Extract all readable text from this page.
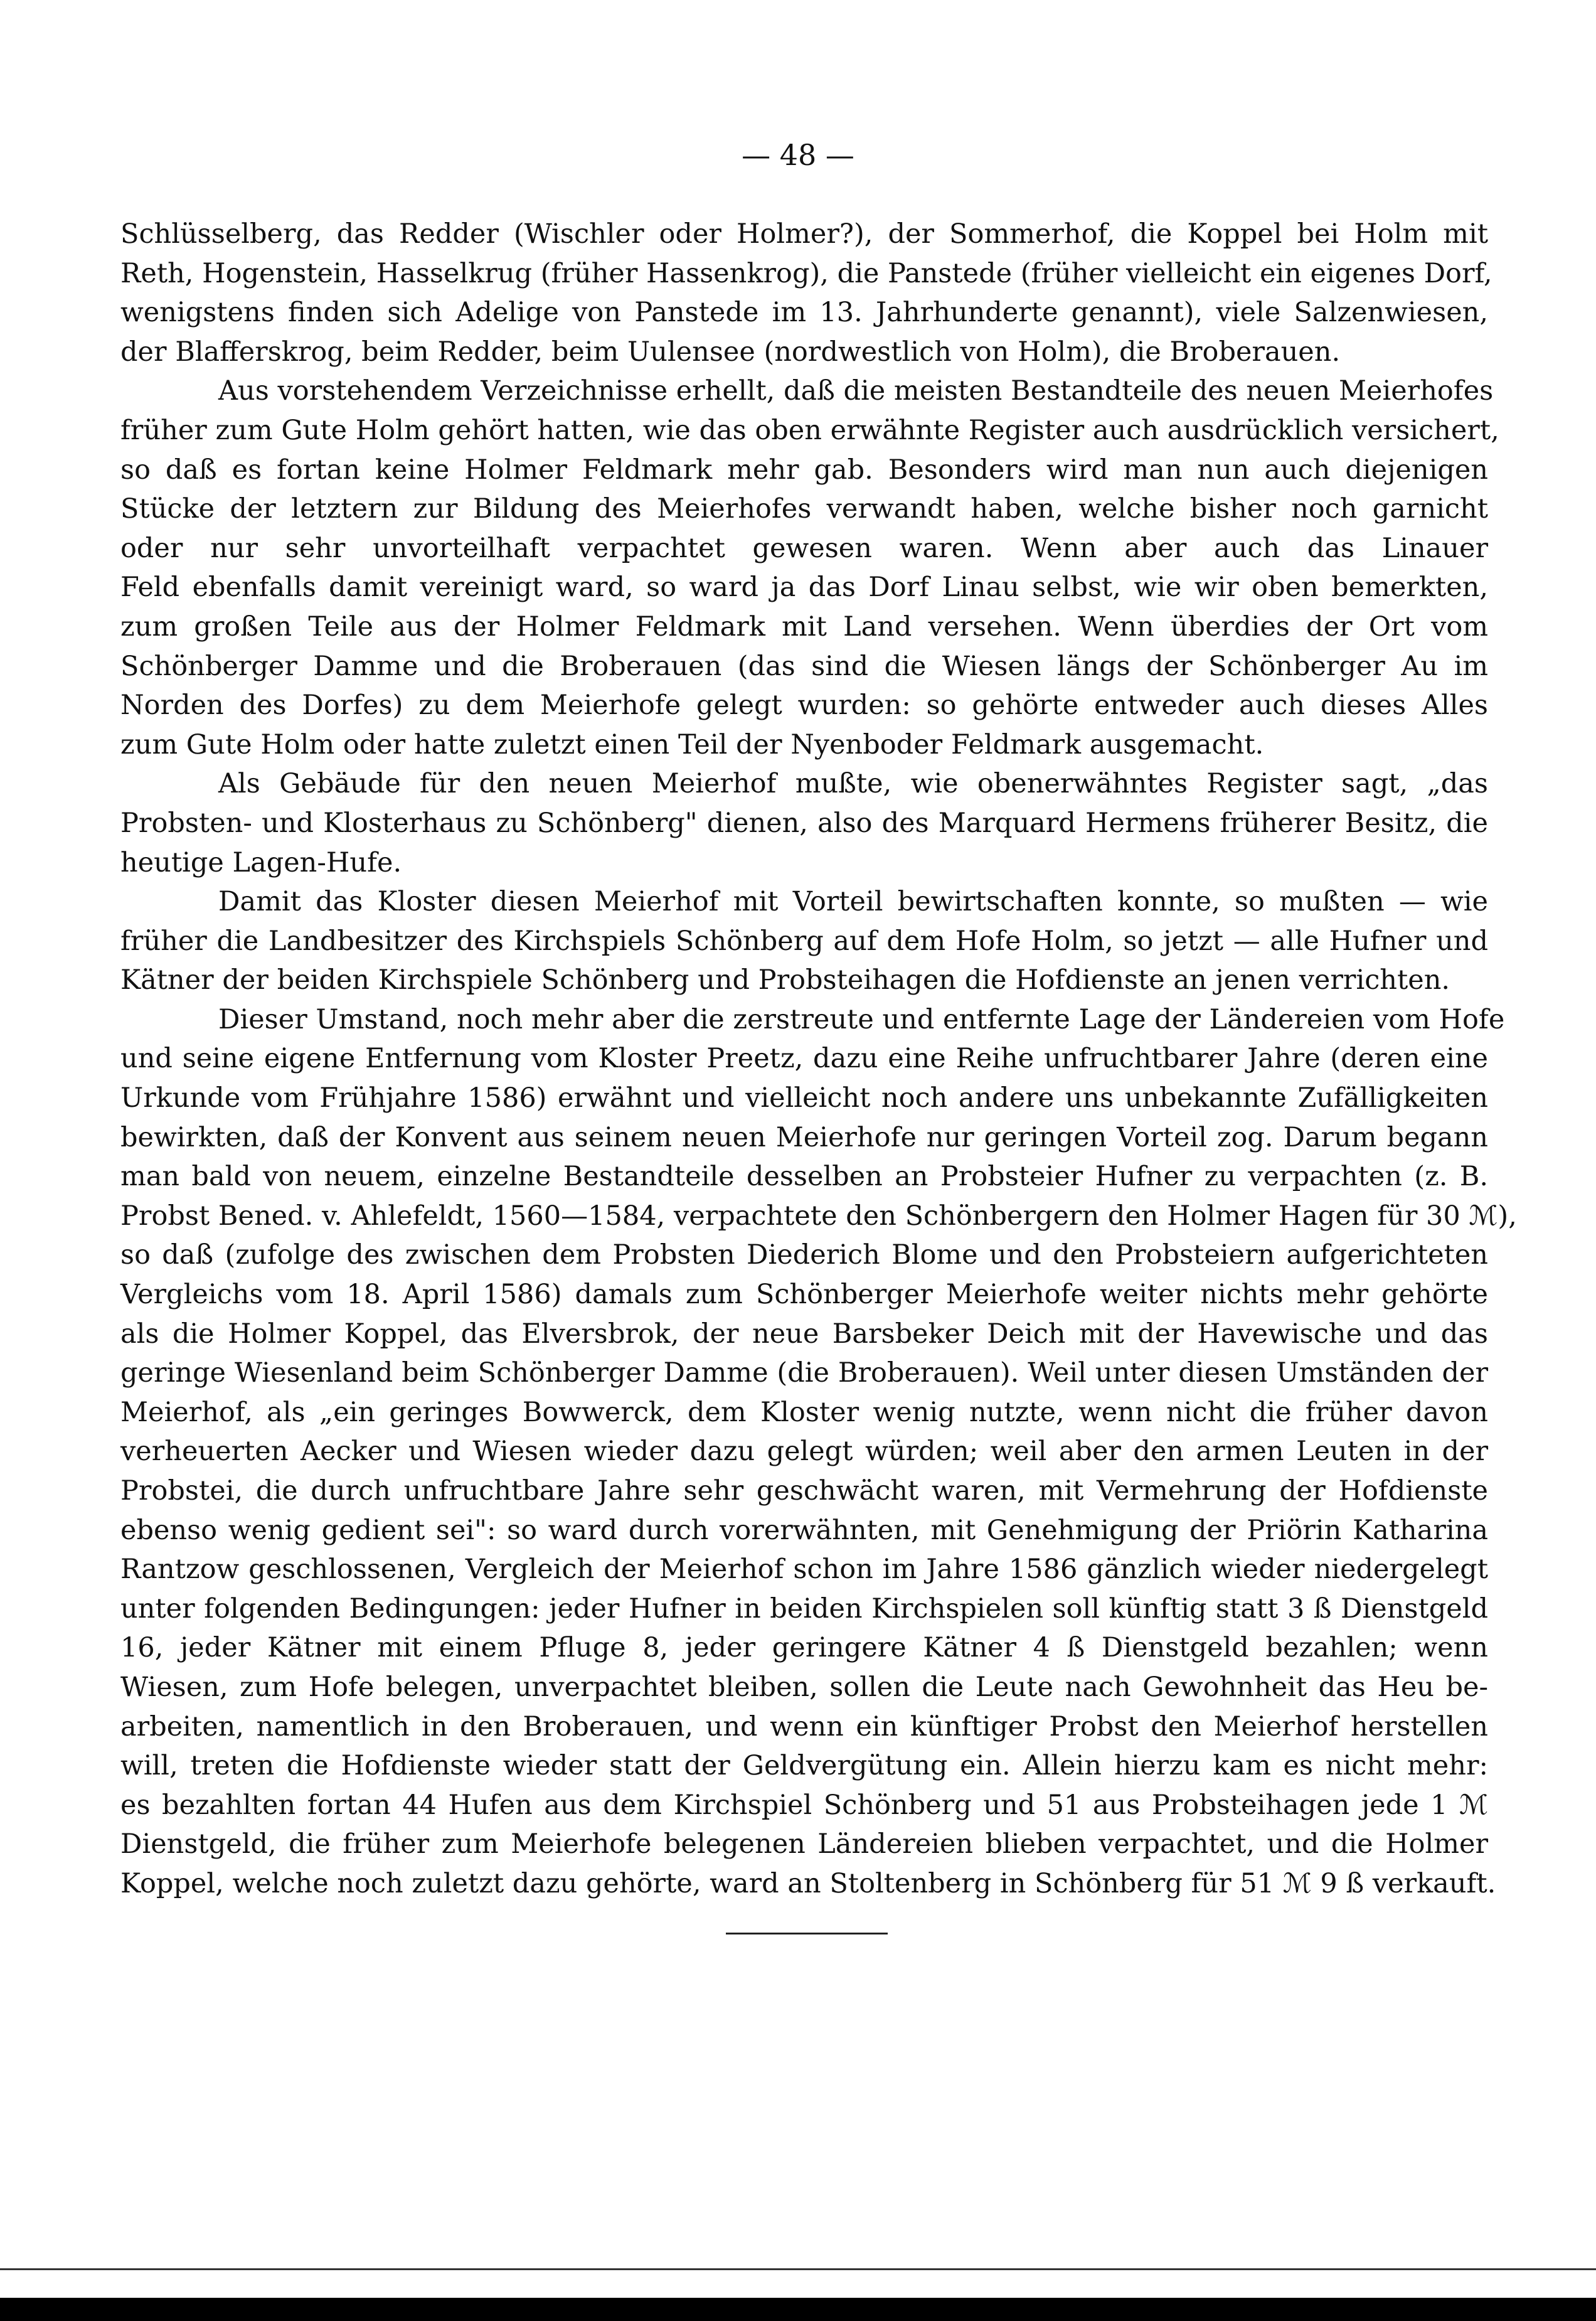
— 48 —
Schlüsselberg, das Redder (Wischler oder Holmer?), der Sommerhof, die Koppel bei Holm mit
Reth, Hogenstein, Hasselkrug (früher Hassenkrog), die Panstede (früher vielleicht ein eigenes Dorf,
wenigstens finden sich Adelige von Panstede im 13. Jahrhunderte genannt), viele Salzenwiesen,
der Blafferskrog, beim Redder, beim Uulensee (nordwestlich von Holm), die Broberauen.
Aus vorstehendem Verzeichnisse erhellt, daß die meisten Bestandteile des neuen Meierhofes
früher zum Gute Holm gehört hatten, wie das oben erwähnte Register auch ausdrücklich versichert,
so daß es fortan keine Holmer Feldmark mehr gab. Besonders wird man nun auch diejenigen
Stücke der letztern zur Bildung des Meierhofes verwandt haben, welche bisher noch garnicht
oder nur sehr unvorteilhaft verpachtet gewesen waren. Wenn aber auch das Linauer
Feld ebenfalls damit vereinigt ward, so ward ja das Dorf Linau selbst, wie wir oben bemerkten,
zum großen Teile aus der Holmer Feldmark mit Land versehen. Wenn überdies der Ort vom
Schönberger Damme und die Broberauen (das sind die Wiesen längs der Schönberger Au im
Norden des Dorfes) zu dem Meierhofe gelegt wurden: so gehörte entweder auch dieses Alles
zum Gute Holm oder hatte zuletzt einen Teil der Nyenboder Feldmark ausgemacht.
Als Gebäude für den neuen Meierhof mußte, wie obenerwähntes Register sagt, „das
Probsten- und Klosterhaus zu Schönberg" dienen, also des Marquard Hermens früherer Besitz, die
heutige Lagen-Hufe.
Damit das Kloster diesen Meierhof mit Vorteil bewirtschaften konnte, so mußten — wie
früher die Landbesitzer des Kirchspiels Schönberg auf dem Hofe Holm, so jetzt — alle Hufner und
Kätner der beiden Kirchspiele Schönberg und Probsteihagen die Hofdienste an jenen verrichten.
Dieser Umstand, noch mehr aber die zerstreute und entfernte Lage der Ländereien vom Hofe
und seine eigene Entfernung vom Kloster Preetz, dazu eine Reihe unfruchtbarer Jahre (deren eine
Urkunde vom Frühjahre 1586) erwähnt und vielleicht noch andere uns unbekannte Zufälligkeiten
bewirkten, daß der Konvent aus seinem neuen Meierhofe nur geringen Vorteil zog. Darum begann
man bald von neuem, einzelne Bestandteile desselben an Probsteier Hufner zu verpachten (z. B.
Probst Bened. v. Ahlefeldt, 1560—1584, verpachtete den Schönbergern den Holmer Hagen für 30 ℳ),
so daß (zufolge des zwischen dem Probsten Diederich Blome und den Probsteiern aufgerichteten
Vergleichs vom 18. April 1586) damals zum Schönberger Meierhofe weiter nichts mehr gehörte
als die Holmer Koppel, das Elversbrok, der neue Barsbeker Deich mit der Havewische und das
geringe Wiesenland beim Schönberger Damme (die Broberauen). Weil unter diesen Umständen der
Meierhof, als „ein geringes Bowwerck, dem Kloster wenig nutzte, wenn nicht die früher davon
verheuerten Aecker und Wiesen wieder dazu gelegt würden; weil aber den armen Leuten in der
Probstei, die durch unfruchtbare Jahre sehr geschwächt waren, mit Vermehrung der Hofdienste
ebenso wenig gedient sei": so ward durch vorerwähnten, mit Genehmigung der Priörin Katharina
Rantzow geschlossenen, Vergleich der Meierhof schon im Jahre 1586 gänzlich wieder niedergelegt
unter folgenden Bedingungen: jeder Hufner in beiden Kirchspielen soll künftig statt 3 ß Dienstgeld
16, jeder Kätner mit einem Pfluge 8, jeder geringere Kätner 4 ß Dienstgeld bezahlen; wenn
Wiesen, zum Hofe belegen, unverpachtet bleiben, sollen die Leute nach Gewohnheit das Heu be-
arbeiten, namentlich in den Broberauen, und wenn ein künftiger Probst den Meierhof herstellen
will, treten die Hofdienste wieder statt der Geldvergütung ein. Allein hierzu kam es nicht mehr:
es bezahlten fortan 44 Hufen aus dem Kirchspiel Schönberg und 51 aus Probsteihagen jede 1 ℳ
Dienstgeld, die früher zum Meierhofe belegenen Ländereien blieben verpachtet, und die Holmer
Koppel, welche noch zuletzt dazu gehörte, ward an Stoltenberg in Schönberg für 51 ℳ 9 ß verkauft.
